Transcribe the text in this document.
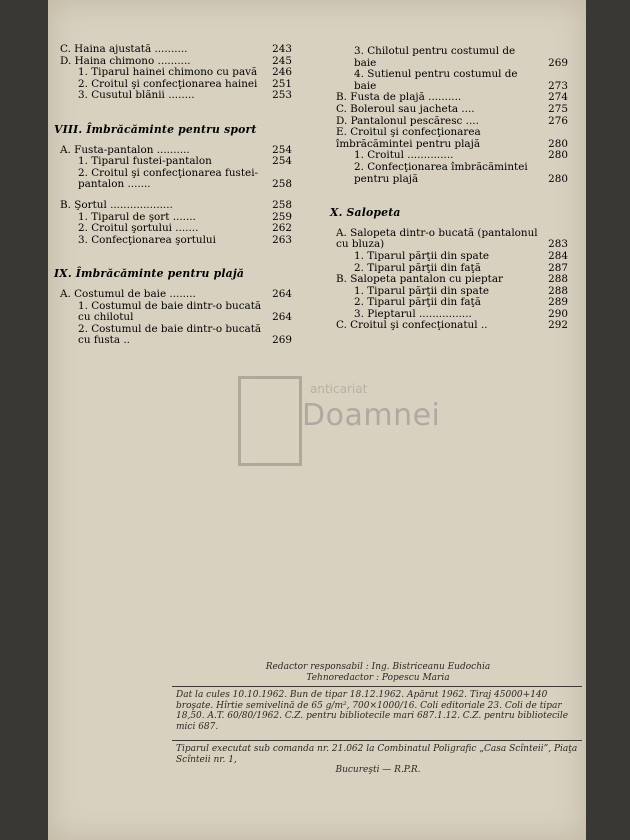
C. Haina ajustată ..........	243
D. Haina chimono ..........	245
1. Tiparul hainei chimono cu pavă	246
2. Croitul şi confecţionarea hainei	251
3. Cusutul blănii ........	253
VIII. Îmbrăcăminte pentru sport
A. Fusta-pantalon ..........	254
1. Tiparul fustei-pantalon	254
2. Croitul şi confecţionarea fustei-pantalon .......	258
B. Şortul ...................	258
1. Tiparul de şort .......	259
2. Croitul şortului .......	262
3. Confecţionarea şortului	263
IX. Îmbrăcăminte pentru plajă
A. Costumul de baie ........	264
1. Costumul de baie dintr-o bucată cu chilotul	264
2. Costumul de baie dintr-o bucată cu fusta ..	269
3. Chilotul pentru costumul de baie	269
4. Sutienul pentru costumul de baie	273
B. Fusta de plajă ..........	274
C. Bolerоul sau jacheta ....	275
D. Pantalonul pescăresc ....	276
E. Croitul şi confecţionarea îmbrăcămintei pentru plajă	280
1. Croitul ..............	280
2. Confecţionarea îmbrăcămintei pentru plajă	280
X. Salopeta
A. Salopeta dintr-o bucată (pantalonul cu bluza)	283
1. Tiparul părţii din spate	284
2. Tiparul părţii din faţă	287
B. Salopeta pantalon cu pieptar	288
1. Tiparul părţii din spate	288
2. Tiparul părţii din faţă	289
3. Pieptarul ................	290
C. Croitul şi confecţionatul ..	292
anticariat
Doamnei
Redactor responsabil : Ing. Bistriceanu Eudochia
Tehnoredactor : Popescu Maria
Dat la cules 10.10.1962. Bun de tipar 18.12.1962. Apărut 1962. Tiraj 45000+140 broşate. Hîrtie semivelină de 65 g/m², 700×1000/16. Coli editoriale 23. Coli de tipar 18,50. A.T. 60/80/1962. C.Z. pentru bibliotecile mari 687.1.12. C.Z. pentru bibliotecile mici 687.
Tiparul executat sub comanda nr. 21.062 la Combinatul Poligrafic „Casa Scînteii”, Piaţa Scînteii nr. 1,
Bucureşti — R.P.R.
